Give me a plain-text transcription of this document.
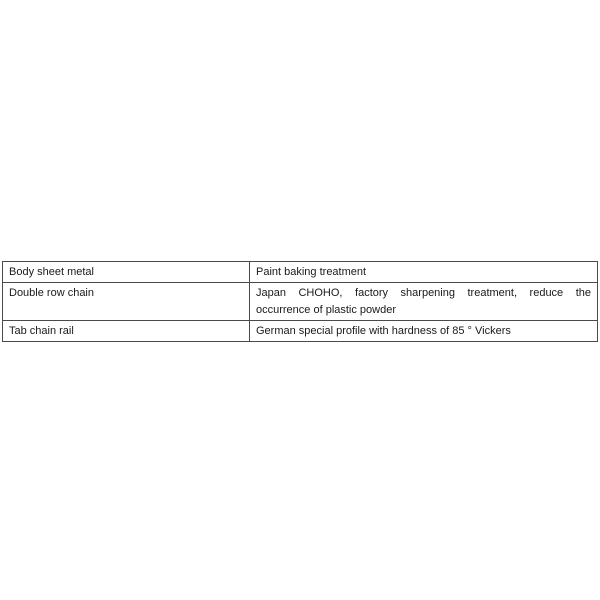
Body sheet metal	Paint baking treatment
Double row chain	Japan CHOHO, factory sharpening treatment, reduce the occurrence of plastic powder
Tab chain rail	German special profile with hardness of 85 ° Vickers
